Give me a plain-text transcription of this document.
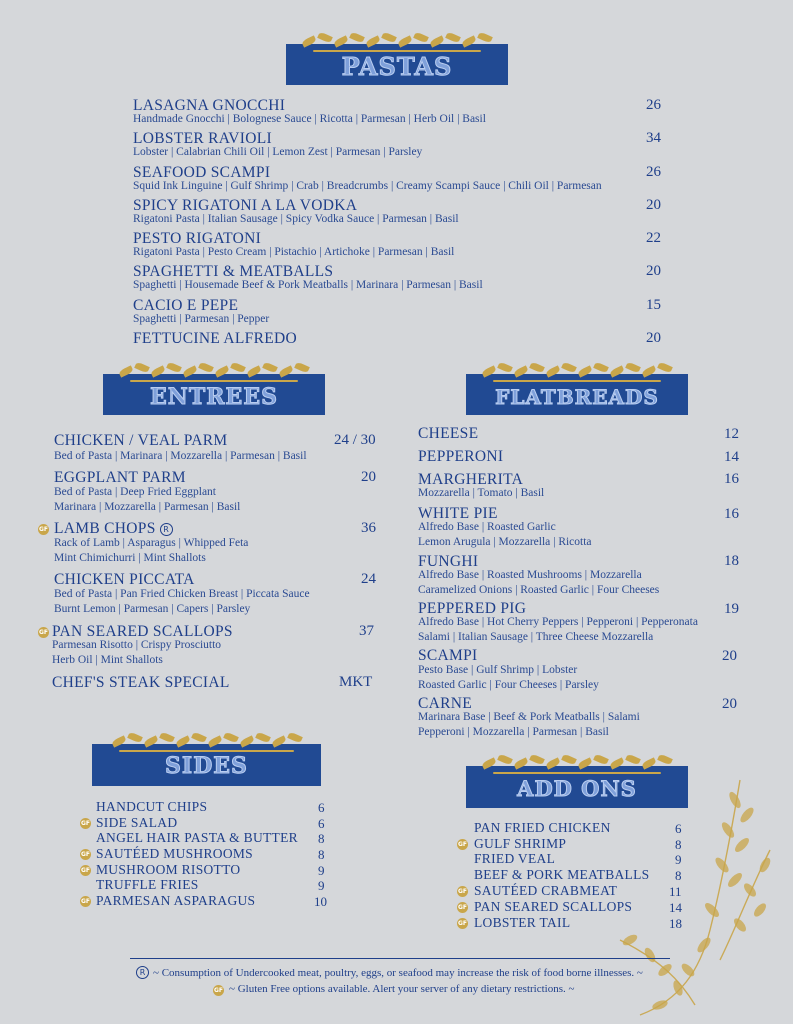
PASTAS
ENTREES	FLATBREADS
SIDES
ADD ONS
LASAGNA GNOCCHI
Handmade Gnocchi | Bolognese Sauce | Ricotta | Parmesan | Herb Oil | Basil
26
LOBSTER RAVIOLI
Lobster | Calabrian Chili Oil | Lemon Zest | Parmesan | Parsley
34
SEAFOOD SCAMPI
Squid Ink Linguine | Gulf Shrimp | Crab | Breadcrumbs | Creamy Scampi Sauce | Chili Oil | Parmesan
26
SPICY RIGATONI A LA VODKA
Rigatoni Pasta | Italian Sausage | Spicy Vodka Sauce | Parmesan | Basil
20
PESTO RIGATONI
Rigatoni Pasta | Pesto Cream | Pistachio | Artichoke | Parmesan | Basil
22
SPAGHETTI & MEATBALLS
Spaghetti | Housemade Beef & Pork Meatballs | Marinara | Parmesan | Basil
20
CACIO E PEPE
Spaghetti | Parmesan | Pepper
15
FETTUCINE ALFREDO	20
CHICKEN / VEAL PARM
Bed of Pasta | Marinara | Mozzarella | Parmesan | Basil
24 / 30
EGGPLANT PARM
Bed of Pasta | Deep Fried Eggplant
Marinara | Mozzarella | Parmesan | Basil
20
GF LAMB CHOPS R
Rack of Lamb | Asparagus | Whipped Feta
Mint Chimichurri | Mint Shallots
36
CHICKEN PICCATA
Bed of Pasta | Pan Fried Chicken Breast | Piccata Sauce
Burnt Lemon | Parmesan | Capers | Parsley
24
GF PAN SEARED SCALLOPS
Parmesan Risotto | Crispy Prosciutto
Herb Oil | Mint Shallots
37
CHEF'S STEAK SPECIAL	MKT
CHEESE	12
PEPPERONI	14
MARGHERITA
Mozzarella | Tomato | Basil
16
WHITE PIE
Alfredo Base | Roasted Garlic
Lemon Arugula | Mozzarella | Ricotta
16
FUNGHI
Alfredo Base | Roasted Mushrooms | Mozzarella
Caramelized Onions | Roasted Garlic | Four Cheeses
18
PEPPERED PIG
Alfredo Base | Hot Cherry Peppers | Pepperoni | Pepperonata
Salami | Italian Sausage | Three Cheese Mozzarella
19
SCAMPI
Pesto Base | Gulf Shrimp | Lobster
Roasted Garlic | Four Cheeses | Parsley
20
CARNE
Marinara Base | Beef & Pork Meatballs | Salami
Pepperoni | Mozzarella | Parmesan | Basil
20
HANDCUT CHIPS	6
GF SIDE SALAD	6
ANGEL HAIR PASTA & BUTTER 8
GF SAUTÉED MUSHROOMS	8
GF MUSHROOM RISOTTO	9
TRUFFLE FRIES	9
GF PARMESAN ASPARAGUS	10
PAN FRIED CHICKEN	6
GF GULF SHRIMP	8
FRIED VEAL	9
BEEF & PORK MEATBALLS 8
GF SAUTÉED CRABMEAT	11
GF PAN SEARED SCALLOPS	14
GF LOBSTER TAIL	18
R ~ Consumption of Undercooked meat, poultry, eggs, or seafood may increase the risk of food borne illnesses. ~
GF ~ Gluten Free options available. Alert your server of any dietary restrictions. ~
